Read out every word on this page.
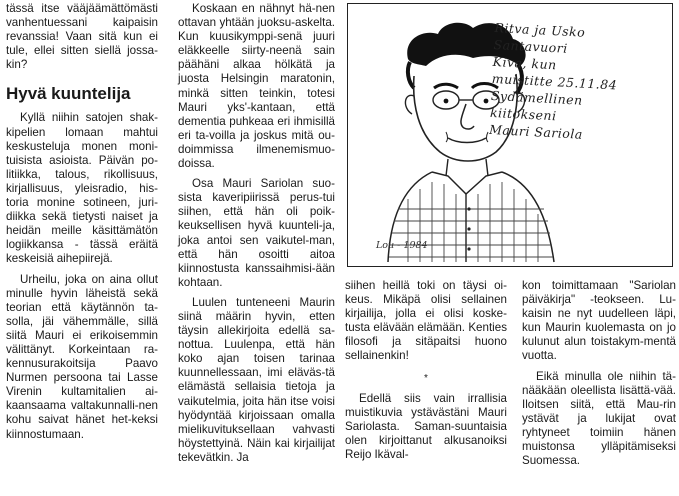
tässä itse vääjäämättömästi vanhentuessani kaipaisin revanssia! Vaan sitä kun ei tule, ellei sitten siellä jossa-kin?

Hyvä kuuntelija

Kyllä niihin satojen shak-kipelien lomaan mahtui keskusteluja monen moni-tuisista asioista. Päivän po-litiikka, talous, rikollisuus, kirjallisuus, yleisradio, his-toria monine sotineen, juri-diikka sekä tietysti naiset ja heidän meille käsittämätön logiikkansa - tässä eräitä keskeisiä aihepiirejä.

Urheilu, joka on aina ollut minulle hyvin läheistä sekä teorian että käytännön ta-solla, jäi vähemmälle, sillä siitä Mauri ei erikoisemmin välittänyt. Korkeintaan ra-kennusurakoitsija Paavo Nurmen persoona tai Lasse Virenin kultamitalien ai-kaansaama valtakunnalli-nen kohu saivat hänet het-keksi kiinnostumaan.

Koskaan en nähnyt hä-nen ottavan yhtään juoksu-askelta. Kun kuusikymppi-senä juuri eläkkeelle siirty-neenä sain päähäni alkaa hölkätä ja juosta Helsingin maratonin, minkä sitten teinkin, totesi Mauri yks'-kantaan, että dementia puhkeaa eri ihmisillä eri ta-voilla ja joskus mitä ou-doimmissa ilmenemismuo-doissa.

Osa Mauri Sariolan suo-sista kaveripiirissä perus-tui siihen, että hän oli poik-keuksellisen hyvä kuunteli-ja, joka antoi sen vaikutel-man, että hän osoitti aitoa kiinnostusta kanssaihmisi-ään kohtaan.

Luulen tunteneeni Maurin siinä määrin hyvin, etten täysin allekirjoita edellä sa-nottua. Luulenpa, että hän koko ajan toisen tarinaa kuunnellessaan, imi eläväs-tä elämästä sellaisia tietoja ja vaikutelmia, joita hän itse voisi hyödyntää kirjoissaan omalla mielikuvituksellaan vahvasti höystettyinä. Näin kai kirjailijat tekevätkin. Ja

Ritva ja Usko
Santavuori
Kiva, kun
muistitte 25.11.84
Sydämellinen
kiitokseni
Mauri Sariola
Lou - 1984

siihen heillä toki on täysi oi-keus. Mikäpä olisi sellainen kirjailija, jolla ei olisi koske-tusta elävään elämään. Kenties filosofi ja sitäpaitsi huono sellainenkin!

*

Edellä siis vain irrallisia muistikuvia ystävästäni Mauri Sariolasta. Saman-suuntaisia olen kirjoittanut alkusanoiksi Reijo Ikäval-

kon toimittamaan "Sariolan päiväkirja" -teokseen. Lu-kaisin ne nyt uudelleen läpi, kun Maurin kuolemasta on jo kulunut alun toistakym-mentä vuotta.

Eikä minulla ole niihin tä-nääkään oleellista lisättä-vää. Iloitsen siitä, että Mau-rin ystävät ja lukijat ovat ryhtyneet toimiin hänen muistonsa ylläpitämiseksi Suomessa.
